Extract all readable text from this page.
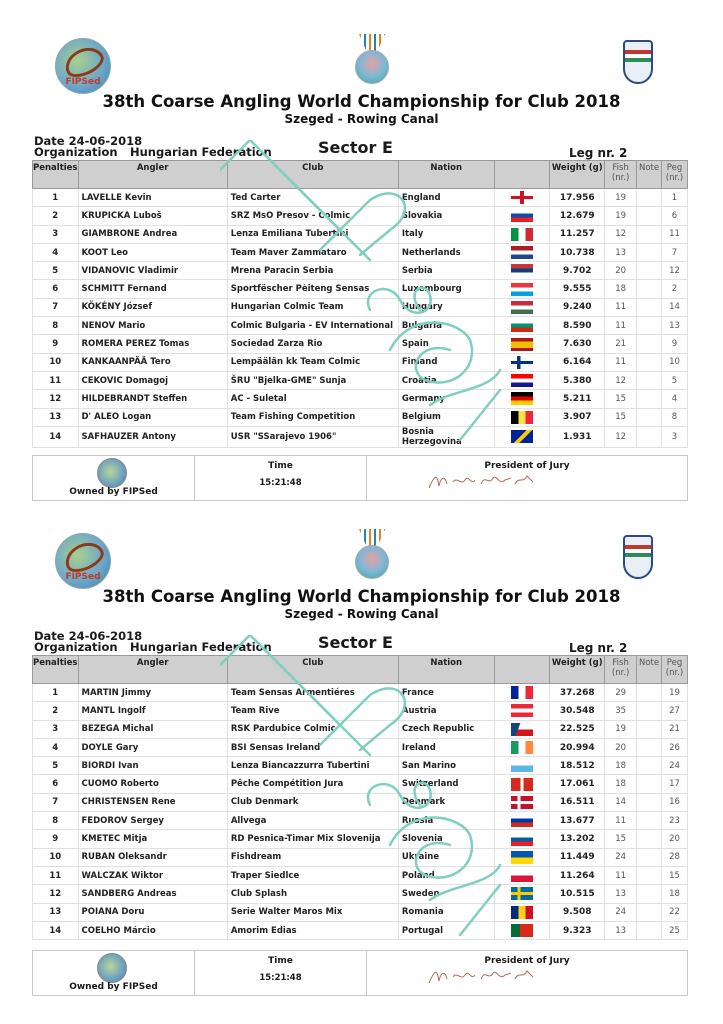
FIPSed
38th Coarse Angling World Championship for Club 2018
Szeged - Rowing Canal
Date 24-06-2018
Organization Hungarian Federation	Sector E	Leg nr. 2
Penalties	Angler	Club	Nation		Weight (g)	Fish (nr.)	Note	Peg (nr.)
1	LAVELLE Kevin	Ted Carter	England		17.956	19		1
2	KRUPICKA Luboš	SRZ MsO Presov - Colmic	Slovakia		12.679	19		6
3	GIAMBRONE Andrea	Lenza Emiliana Tubertini	Italy		11.257	12		11
4	KOOT Leo	Team Maver Zammataro	Netherlands		10.738	13		7
5	VIDANOVIC Vladimir	Mrena Paracin Serbia	Serbia		9.702	20		12
6	SCHMITT Fernand	Sportfëscher Pèiteng Sensas	Luxembourg		9.555	18		2
7	KÖKÉNY József	Hungarian Colmic Team	Hungary		9.240	11		14
8	NENOV Mario	Colmic Bulgaria - EV International	Bulgaria		8.590	11		13
9	ROMERA PEREZ Tomas	Sociedad Zarza Rio	Spain		7.630	21		9
10	KANKAANPÄÄ Tero	Lempäälän kk Team Colmic	Finland		6.164	11		10
11	CEKOVIC Domagoj	ŠRU "Bjelka-GME" Sunja	Croatia		5.380	12		5
12	HILDEBRANDT Steffen	AC - Suletal	Germany		5.211	15		4
13	D' ALEO Logan	Team Fishing Competition	Belgium		3.907	15		8
14	SAFHAUZER Antony	USR "SSarajevo 1906"	Bosnia Herzegovina		1.931	12		3
Owned by FIPSed
Time
15:21:48
President of Jury
FIPSed
38th Coarse Angling World Championship for Club 2018
Szeged - Rowing Canal
Date 24-06-2018
Organization Hungarian Federation	Sector E	Leg nr. 2
Penalties	Angler	Club	Nation		Weight (g)	Fish (nr.)	Note	Peg (nr.)
1	MARTIN Jimmy	Team Sensas Armentiéres	France		37.268	29		19
2	MANTL Ingolf	Team Rive	Austria		30.548	35		27
3	BEZEGA Michal	RSK Pardubice Colmic	Czech Republic		22.525	19		21
4	DOYLE Gary	BSI Sensas Ireland	Ireland		20.994	20		26
5	BIORDI Ivan	Lenza Biancazzurra Tubertini	San Marino		18.512	18		24
6	CUOMO Roberto	Pêche Compétition Jura	Switzerland		17.061	18		17
7	CHRISTENSEN Rene	Club Denmark	Denmark		16.511	14		16
8	FEDOROV Sergey	Allvega	Russia		13.677	11		23
9	KMETEC Mitja	RD Pesnica-Timar Mix Slovenija	Slovenia		13.202	15		20
10	RUBAN Oleksandr	Fishdream	Ukraine		11.449	24		28
11	WALCZAK Wiktor	Traper Siedlce	Poland		11.264	11		15
12	SANDBERG Andreas	Club Splash	Sweden		10.515	13		18
13	POIANA Doru	Serie Walter Maros Mix	Romania		9.508	24		22
14	COELHO Márcio	Amorim Edias	Portugal		9.323	13		25
Owned by FIPSed
Time
15:21:48
President of Jury
